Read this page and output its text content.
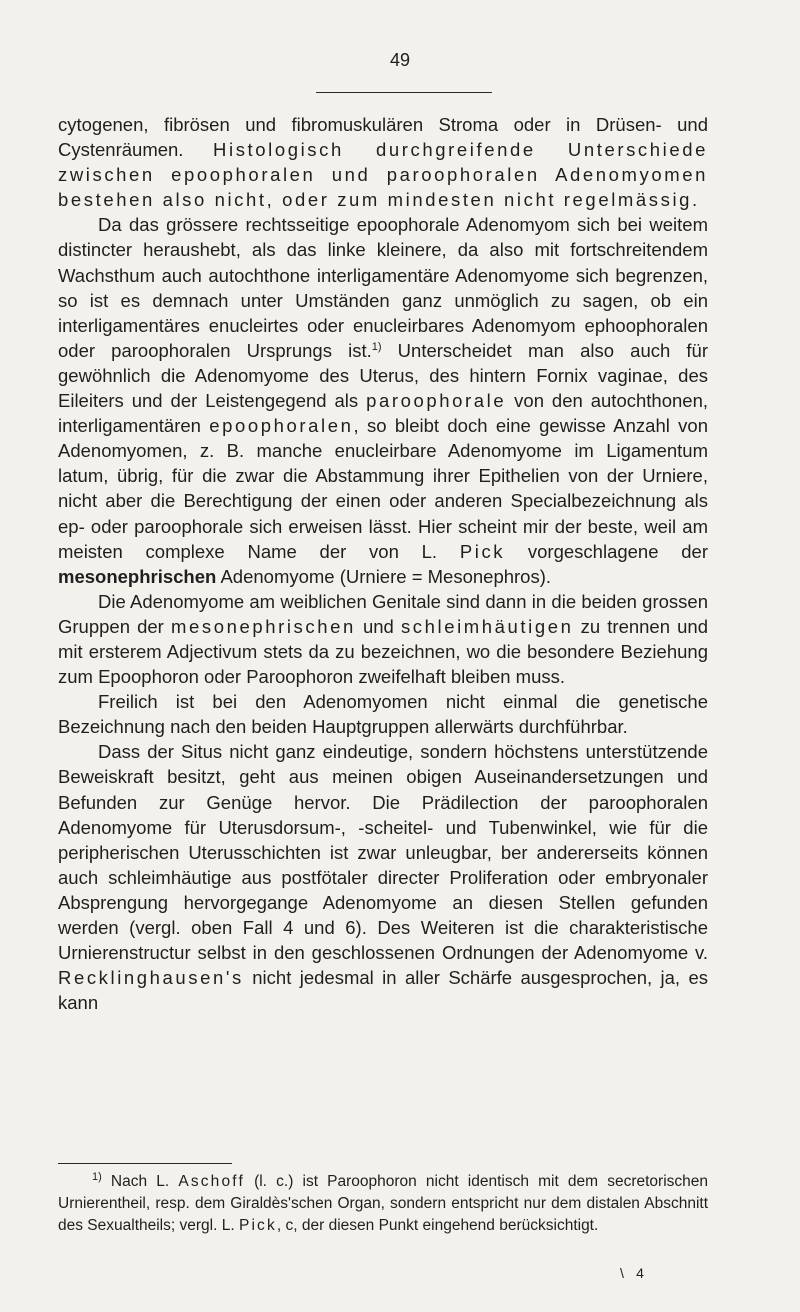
49

cytogenen, fibrösen und fibromuskulären Stroma oder in Drüsen- und Cystenräumen. Histologisch durchgreifende Unterschiede zwischen epoophoralen und paroophoralen Adenomyomen bestehen also nicht, oder zum mindesten nicht regelmässig.

Da das grössere rechtsseitige epoophorale Adenomyom sich bei weitem distincter heraushebt, als das linke kleinere, da also mit fortschreitendem Wachsthum auch autochthone interligamentäre Adenomyome sich begrenzen, so ist es demnach unter Umständen ganz unmöglich zu sagen, ob ein interligamentäres enucleirtes oder enucleirbares Adenomyom ephoophoralen oder paroophoralen Ursprungs ist.$^{1)}$ Unterscheidet man also auch für gewöhnlich die Adenomyome des Uterus, des hintern Fornix vaginae, des Eileiters und der Leistengegend als paroophorale von den autochthonen, interligamentären epoophoralen, so bleibt doch eine gewisse Anzahl von Adenomyomen, z. B. manche enucleirbare Adenomyome im Ligamentum latum, übrig, für die zwar die Abstammung ihrer Epithelien von der Urniere, nicht aber die Berechtigung der einen oder anderen Specialbezeichnung als ep- oder paroophorale sich erweisen lässt. Hier scheint mir der beste, weil am meisten complexe Name der von L. Pick vorgeschlagene der mesonephrischen Adenomyome (Urniere = Mesonephros).

Die Adenomyome am weiblichen Genitale sind dann in die beiden grossen Gruppen der mesonephrischen und schleimhäutigen zu trennen und mit ersterem Adjectivum stets da zu bezeichnen, wo die besondere Beziehung zum Epoophoron oder Paroophoron zweifelhaft bleiben muss.

Freilich ist bei den Adenomyomen nicht einmal die genetische Bezeichnung nach den beiden Hauptgruppen allerwärts durchführbar.

Dass der Situs nicht ganz eindeutige, sondern höchstens unterstützende Beweiskraft besitzt, geht aus meinen obigen Auseinandersetzungen und Befunden zur Genüge hervor. Die Prädilection der paroophoralen Adenomyome für Uterusdorsum-, -scheitel- und Tubenwinkel, wie für die peripherischen Uterusschichten ist zwar unleugbar, ber andererseits können auch schleimhäutige aus postfötaler directer Proliferation oder embryonaler Absprengung hervorgegange Adenomyome an diesen Stellen gefunden werden (vergl. oben Fall 4 und 6). Des Weiteren ist die charakteristische Urnierenstructur selbst in den geschlossenen Ordnungen der Adenomyome v. Recklinghausen's nicht jedesmal in aller Schärfe ausgesprochen, ja, es kann

$^{1)}$ Nach L. Aschoff (l. c.) ist Paroophoron nicht identisch mit dem secretorischen Urnierentheil, resp. dem Giraldès'schen Organ, sondern entspricht nur dem distalen Abschnitt des Sexualtheils; vergl. L. Pick, c, der diesen Punkt eingehend berücksichtigt.

\ 4
